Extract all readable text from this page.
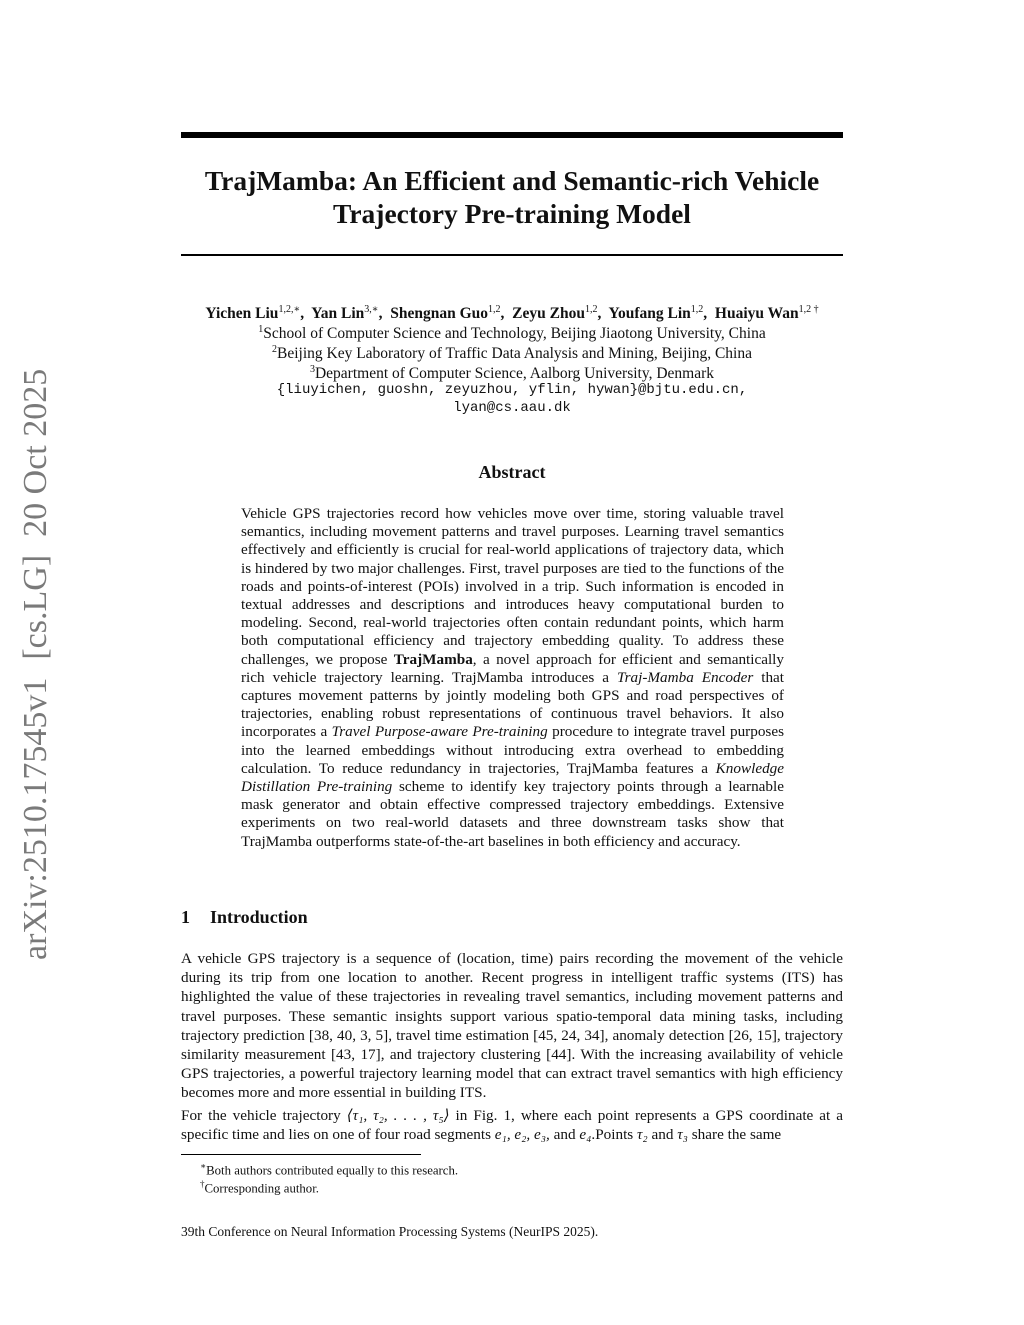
arXiv:2510.17545v1[cs.LG]20 Oct 2025
TrajMamba: An Efficient and Semantic-rich Vehicle
Trajectory Pre-training Model
Yichen Liu$^{1,2,∗}$,  Yan Lin$^{3,∗}$,  Shengnan Guo$^{1,2}$,  Zeyu Zhou$^{1,2}$,  Youfang Lin$^{1,2}$,  Huaiyu Wan$^{1,2 \dagger}$
$^1$School of Computer Science and Technology, Beijing Jiaotong University, China
$^2$Beijing Key Laboratory of Traffic Data Analysis and Mining, Beijing, China
$^3$Department of Computer Science, Aalborg University, Denmark
{liuyichen, guoshn, zeyuzhou, yflin, hywan}@bjtu.edu.cn,
lyan@cs.aau.dk
Abstract

Vehicle GPS trajectories record how vehicles move over time, storing valuable travel semantics, including movement patterns and travel purposes. Learning travel semantics effectively and efficiently is crucial for real-world applications of trajectory data, which is hindered by two major challenges. First, travel purposes are tied to the functions of the roads and points-of-interest (POIs) involved in a trip. Such information is encoded in textual addresses and descriptions and introduces heavy computational burden to modeling. Second, real-world trajectories often contain redundant points, which harm both computational efficiency and trajectory embedding quality. To address these challenges, we propose TrajMamba, a novel approach for efficient and semantically rich vehicle trajectory learning. TrajMamba introduces a Traj-Mamba Encoder that captures movement patterns by jointly modeling both GPS and road perspectives of trajectories, enabling robust representations of continuous travel behaviors. It also incorporates a Travel Purpose-aware Pre-training procedure to integrate travel purposes into the learned embeddings without introducing extra overhead to embedding calculation. To reduce redundancy in trajectories, TrajMamba features a Knowledge Distillation Pre-training scheme to identify key trajectory points through a learnable mask generator and obtain effective compressed trajectory embeddings. Extensive experiments on two real-world datasets and three downstream tasks show that TrajMamba outperforms state-of-the-art baselines in both efficiency and accuracy.

1 Introduction

A vehicle GPS trajectory is a sequence of (location, time) pairs recording the movement of the vehicle during its trip from one location to another. Recent progress in intelligent traffic systems (ITS) has highlighted the value of these trajectories in revealing travel semantics, including movement patterns and travel purposes. These semantic insights support various spatio-temporal data mining tasks, including trajectory prediction [38, 40, 3, 5], travel time estimation [45, 24, 34], anomaly detection [26, 15], trajectory similarity measurement [43, 17], and trajectory clustering [44]. With the increasing availability of vehicle GPS trajectories, a powerful trajectory learning model that can extract travel semantics with high efficiency becomes more and more essential in building ITS.

For the vehicle trajectory ⟨τ₁, τ₂, . . . , τ₅⟩ in Fig. 1, where each point represents a GPS coordinate at a specific time and lies on one of four road segments e₁, e₂, e₃, and e₄.Points τ₂ and τ₃ share the same

∗Both authors contributed equally to this research.
†Corresponding author.
39th Conference on Neural Information Processing Systems (NeurIPS 2025).
